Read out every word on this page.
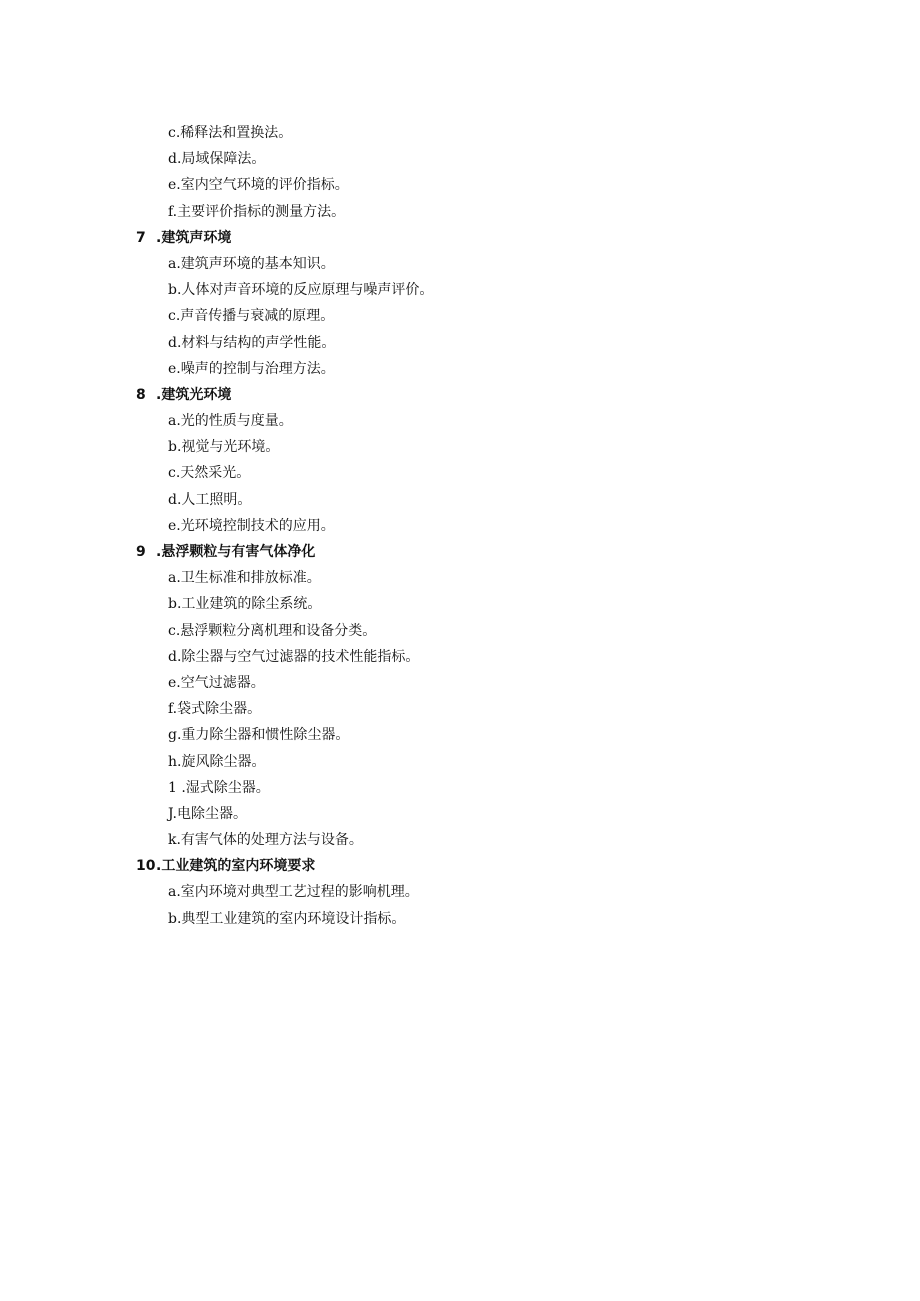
c.稀释法和置换法。
d.局域保障法。
e.室内空气环境的评价指标。
f.主要评价指标的测量方法。
7 .建筑声环境
a.建筑声环境的基本知识。
b.人体对声音环境的反应原理与噪声评价。
c.声音传播与衰减的原理。
d.材料与结构的声学性能。
e.噪声的控制与治理方法。
8 .建筑光环境
a.光的性质与度量。
b.视觉与光环境。
c.天然采光。
d.人工照明。
e.光环境控制技术的应用。
9 .悬浮颗粒与有害气体净化
a.卫生标准和排放标准。
b.工业建筑的除尘系统。
c.悬浮颗粒分离机理和设备分类。
d.除尘器与空气过滤器的技术性能指标。
e.空气过滤器。
f.袋式除尘器。
g.重力除尘器和惯性除尘器。
h.旋风除尘器。
1 .湿式除尘器。
J.电除尘器。
k.有害气体的处理方法与设备。
10.工业建筑的室内环境要求
a.室内环境对典型工艺过程的影响机理。
b.典型工业建筑的室内环境设计指标。
